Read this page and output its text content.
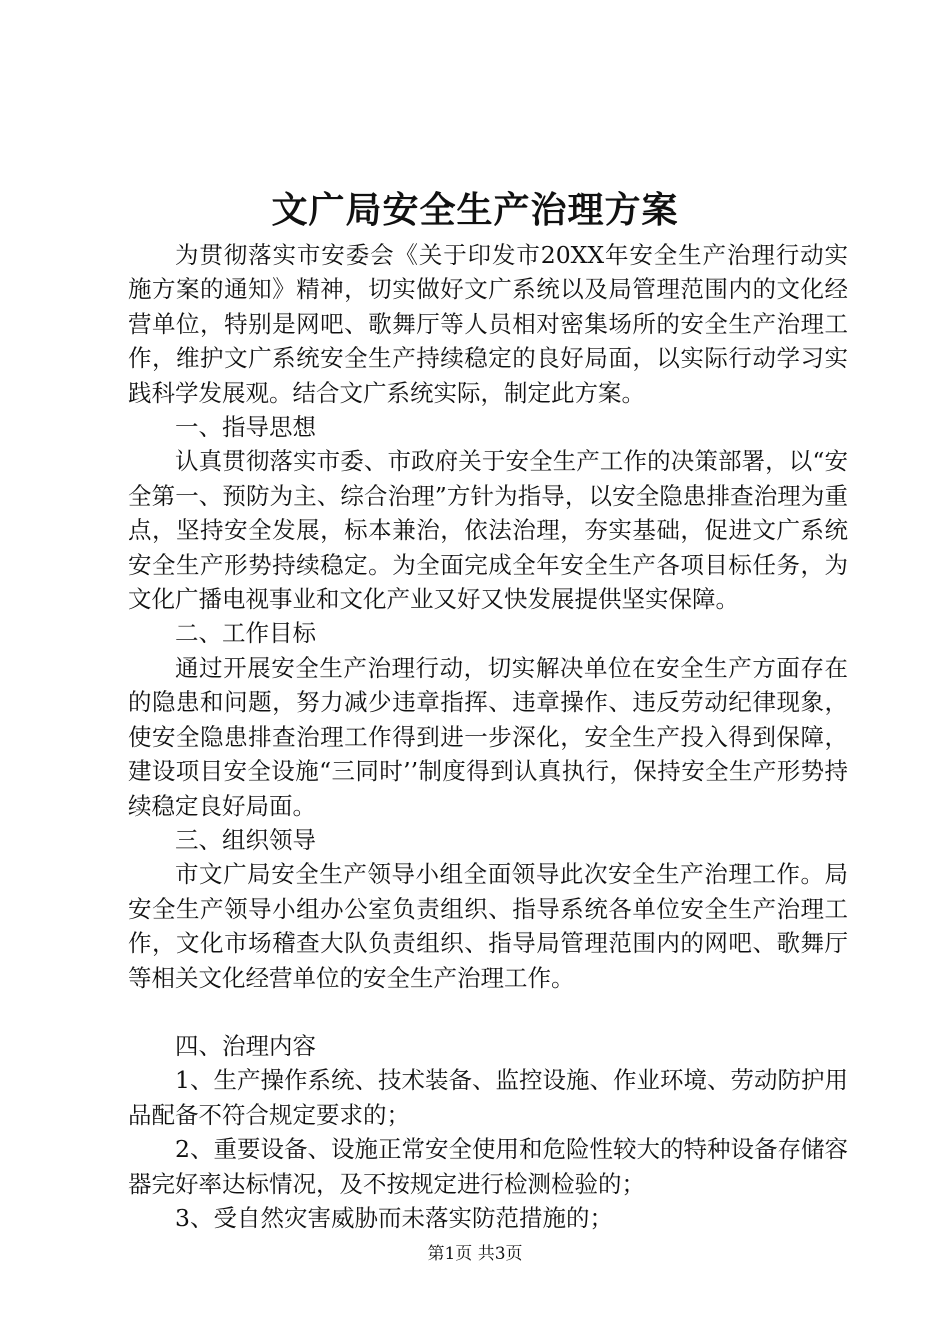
文广局安全生产治理方案

为贯彻落实市安委会《关于印发市20XX年安全生产治理行动实施方案的通知》精神，切实做好文广系统以及局管理范围内的文化经营单位，特别是网吧、歌舞厅等人员相对密集场所的安全生产治理工作，维护文广系统安全生产持续稳定的良好局面，以实际行动学习实践科学发展观。结合文广系统实际，制定此方案。

一、指导思想

认真贯彻落实市委、市政府关于安全生产工作的决策部署，以“安全第一、预防为主、综合治理”方针为指导，以安全隐患排查治理为重点，坚持安全发展，标本兼治，依法治理，夯实基础，促进文广系统安全生产形势持续稳定。为全面完成全年安全生产各项目标任务，为文化广播电视事业和文化产业又好又快发展提供坚实保障。

二、工作目标

通过开展安全生产治理行动，切实解决单位在安全生产方面存在的隐患和问题，努力减少违章指挥、违章操作、违反劳动纪律现象，使安全隐患排查治理工作得到进一步深化，安全生产投入得到保障，建设项目安全设施“三同时’’制度得到认真执行，保持安全生产形势持续稳定良好局面。

三、组织领导

市文广局安全生产领导小组全面领导此次安全生产治理工作。局安全生产领导小组办公室负责组织、指导系统各单位安全生产治理工作，文化市场稽查大队负责组织、指导局管理范围内的网吧、歌舞厅等相关文化经营单位的安全生产治理工作。

四、治理内容

1、生产操作系统、技术装备、监控设施、作业环境、劳动防护用品配备不符合规定要求的；

2、重要设备、设施正常安全使用和危险性较大的特种设备存储容器完好率达标情况，及不按规定进行检测检验的；

3、受自然灾害威胁而未落实防范措施的；

第1页 共3页
